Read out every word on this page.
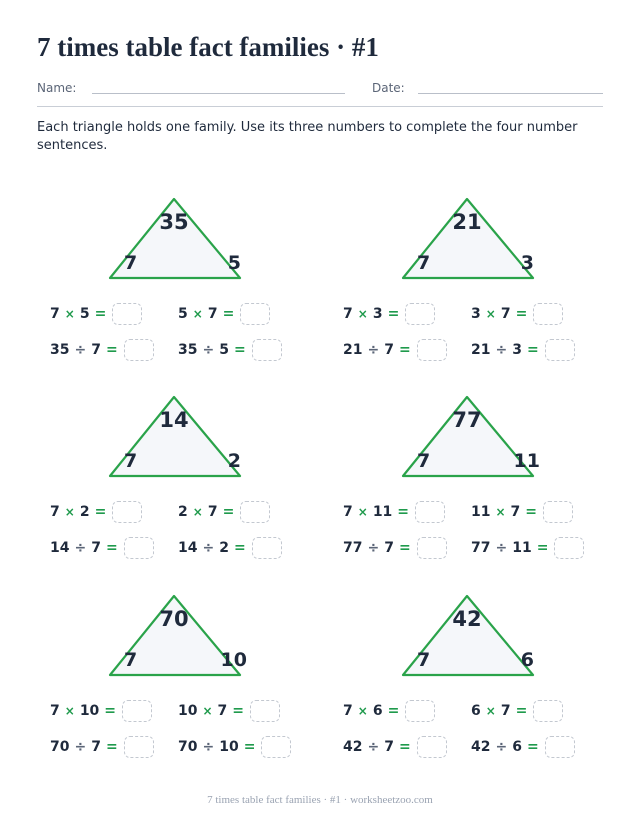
7 times table fact families · #1
Name:	Date:
Each triangle holds one family. Use its three numbers to complete the four number sentences.
35
7	5
7 × 5 =	5 × 7 =
35 ÷ 7 =	35 ÷ 5 =
21
7	3
7 × 3 =	3 × 7 =
21 ÷ 7 =	21 ÷ 3 =
14
7	2
7 × 2 =	2 × 7 =
14 ÷ 7 =	14 ÷ 2 =
77
7	11
7 × 11 =	11 × 7 =
77 ÷ 7 =	77 ÷ 11 =
70
7	10
7 × 10 =	10 × 7 =
70 ÷ 7 =	70 ÷ 10 =
42
7	6
7 × 6 =	6 × 7 =
42 ÷ 7 =	42 ÷ 6 =
7 times table fact families · #1 · worksheetzoo.com
